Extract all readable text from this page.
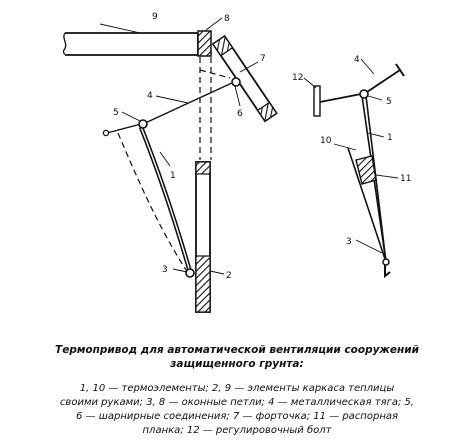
9	8
7
4
5	6
1
3
2
12
4
5
10	1
11
3
Термопривод для автоматической вентиляции сооружений
защищенного грунта:
1, 10 — термоэлементы; 2, 9 — элементы каркаса теплицы
своими руками; 3, 8 — оконные петли; 4 — металлическая тяга; 5,
6 — шарнирные соединения; 7 — форточка; 11 — распорная
планка; 12 — регулировочный болт
